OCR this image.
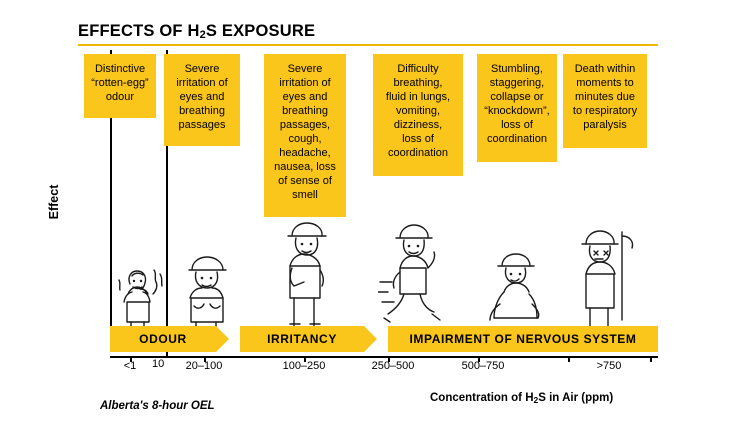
EFFECTS OF $H_2S$ EXPOSURE
Effect
10
Alberta's 8-hour OEL
Distinctive
“rotten-egg”
odour
Severe
irritation of
eyes and
breathing
passages
Severe
irritation of
eyes and
breathing
passages,
cough,
headache,
nausea, loss
of sense of
smell
Difficulty
breathing,
fluid in lungs,
vomiting,
dizziness,
loss of
coordination
Stumbling,
staggering,
collapse or
“knockdown”,
loss of
coordination
Death within
moments to
minutes due
to respiratory
paralysis
ODOUR	IRRITANCY	IMPAIRMENT OF NERVOUS SYSTEM
<1	20–100	100–250	250–500	500–750	>750
Concentration of $H_2S$ in Air (ppm)
